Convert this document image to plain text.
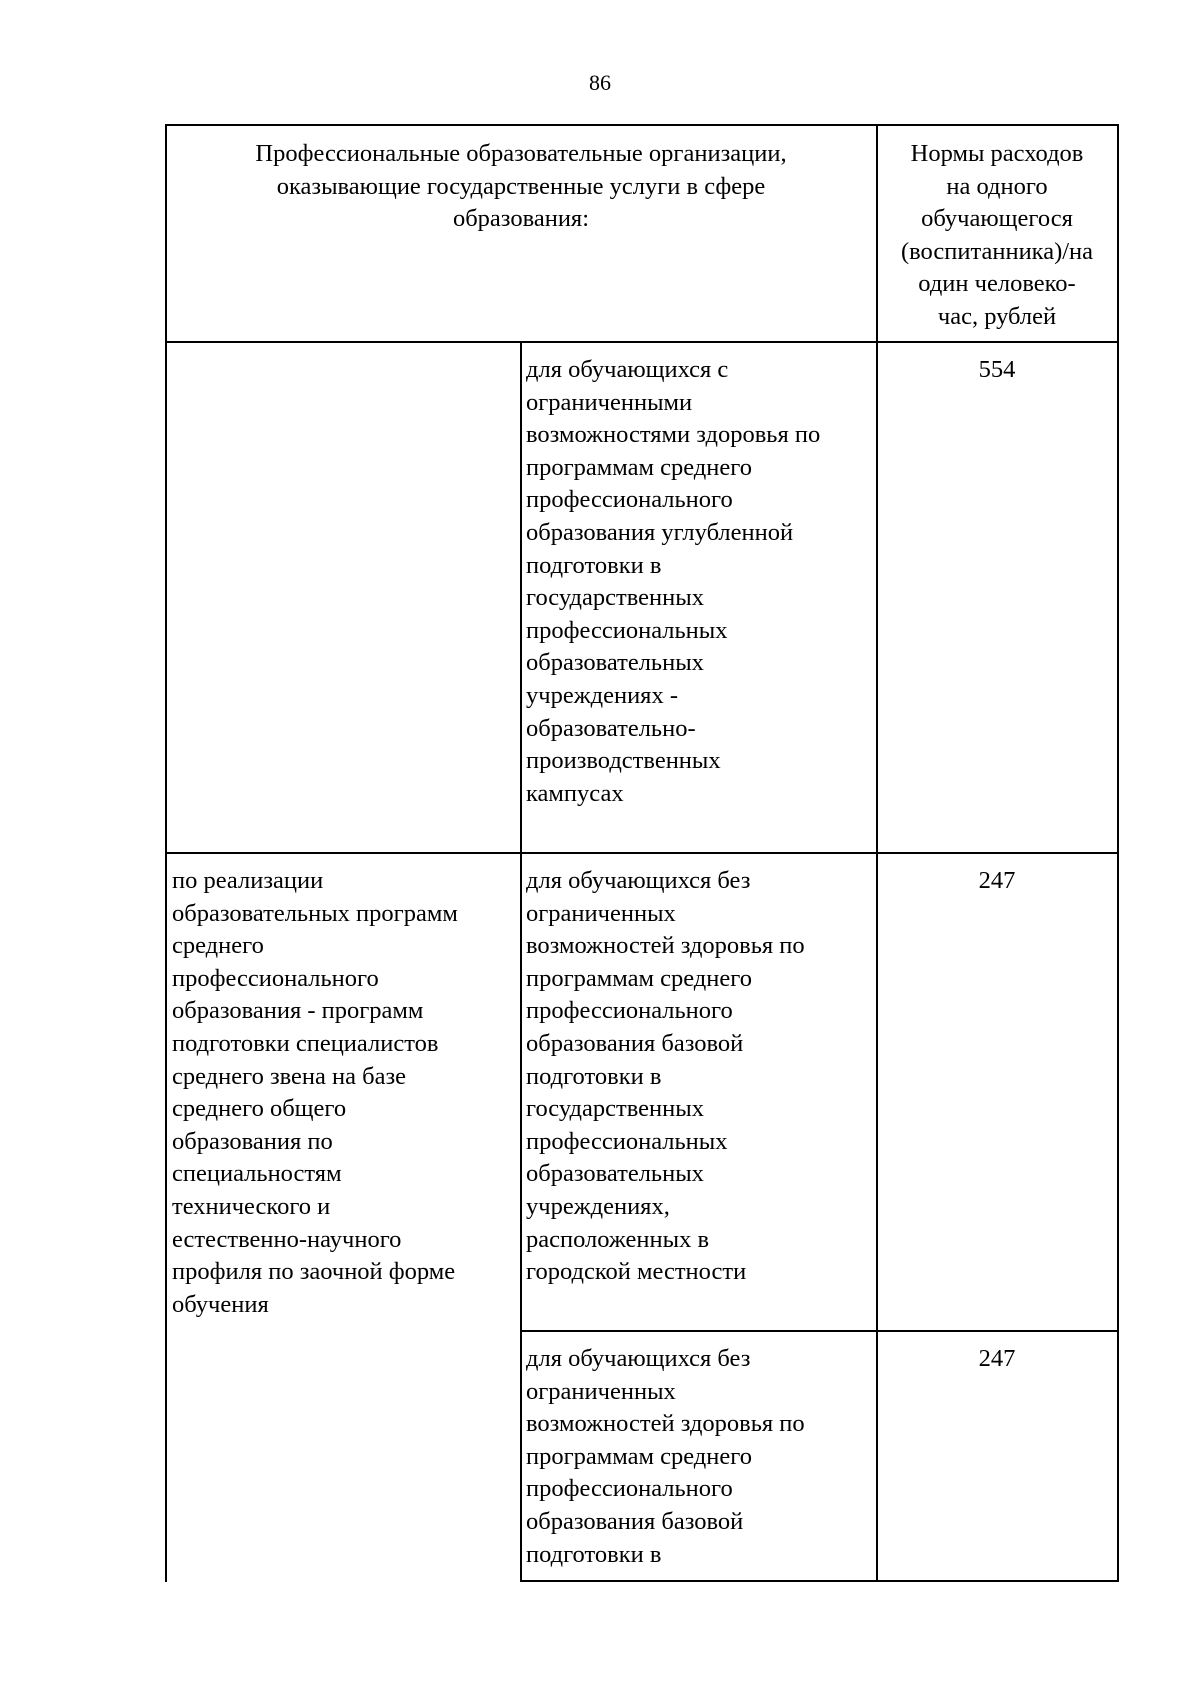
86
Профессиональные образовательные организации,
оказывающие государственные услуги в сфере
образования:
Нормы расходов
на одного
обучающегося
(воспитанника)/на
один человеко-
час, рублей
для обучающихся с
ограниченными
возможностями здоровья по
программам среднего
профессионального
образования углубленной
подготовки в
государственных
профессиональных
образовательных
учреждениях -
образовательно-
производственных
кампусах
554
по реализации
образовательных программ
среднего
профессионального
образования - программ
подготовки специалистов
среднего звена на базе
среднего общего
образования по
специальностям
технического и
естественно-научного
профиля по заочной форме
обучения
для обучающихся без
ограниченных
возможностей здоровья по
программам среднего
профессионального
образования базовой
подготовки в
государственных
профессиональных
образовательных
учреждениях,
расположенных в
городской местности
247
для обучающихся без
ограниченных
возможностей здоровья по
программам среднего
профессионального
образования базовой
подготовки в
247
